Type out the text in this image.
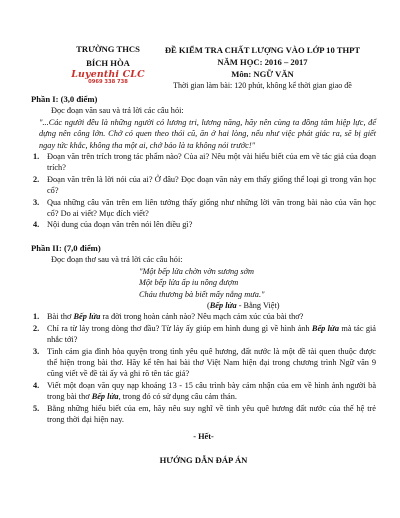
TRƯỜNG THCS
BÍCH HÒA
Luyenthi CLC
0969 338 738
ĐỀ KIỂM TRA CHẤT LƯỢNG VÀO LỚP 10 THPT
NĂM HỌC: 2016 – 2017
Môn: NGỮ VĂN
Thời gian làm bài: 120 phút, không kể thời gian giao đề
Phần I: (3,0 điểm)
Đọc đoạn văn sau và trả lời các câu hỏi:
"...Các người đều là những người có lương tri, lương năng, hãy nên cùng ta đồng tâm hiệp lực, để dựng nên công lớn. Chớ có quen theo thói cũ, ăn ở hai lòng, nếu như việc phát giác ra, sẽ bị giết ngay tức khắc, không tha một ai, chớ bảo là ta không nói trước!"
1. Đoạn văn trên trích trong tác phẩm nào? Của ai? Nêu một vài hiểu biết của em về tác giả của đoạn trích?
2. Đoạn văn trên là lời nói của ai? Ở đâu? Đọc đoạn văn này em thấy giống thể loại gì trong văn học cổ?
3. Qua những câu văn trên em liên tưởng thấy giống như những lời văn trong bài nào của văn học cổ? Do ai viết? Mục đích viết?
4. Nội dung của đoạn văn trên nói lên điều gì?
Phần II: (7,0 điểm)
Đọc đoạn thơ sau và trả lời các câu hỏi:
"Một bếp lửa chờn vờn sương sớm
Một bếp lửa ấp iu nồng đượm
Cháu thương bà biết mấy nắng mưa."
(Bếp lửa - Bằng Việt)
1. Bài thơ Bếp lửa ra đời trong hoàn cảnh nào? Nêu mạch cảm xúc của bài thơ?
2. Chỉ ra từ láy trong dòng thơ đầu? Từ láy ấy giúp em hình dung gì về hình ảnh Bếp lửa mà tác giả nhắc tới?
3. Tình cảm gia đình hòa quyện trong tình yêu quê hương, đất nước là một đề tài quen thuộc được thể hiện trong bài thơ. Hãy kể tên hai bài thơ Việt Nam hiện đại trong chương trình Ngữ văn 9 cũng viết về đề tài ấy và ghi rõ tên tác giả?
4. Viết một đoạn văn quy nạp khoảng 13 - 15 câu trình bày cảm nhận của em về hình ảnh người bà trong bài thơ Bếp lửa, trong đó có sử dụng câu cảm thán.
5. Bằng những hiểu biết của em, hãy nêu suy nghĩ về tình yêu quê hương đất nước của thế hệ trẻ trong thời đại hiện nay.
- Hết-
HƯỚNG DẪN ĐÁP ÁN
